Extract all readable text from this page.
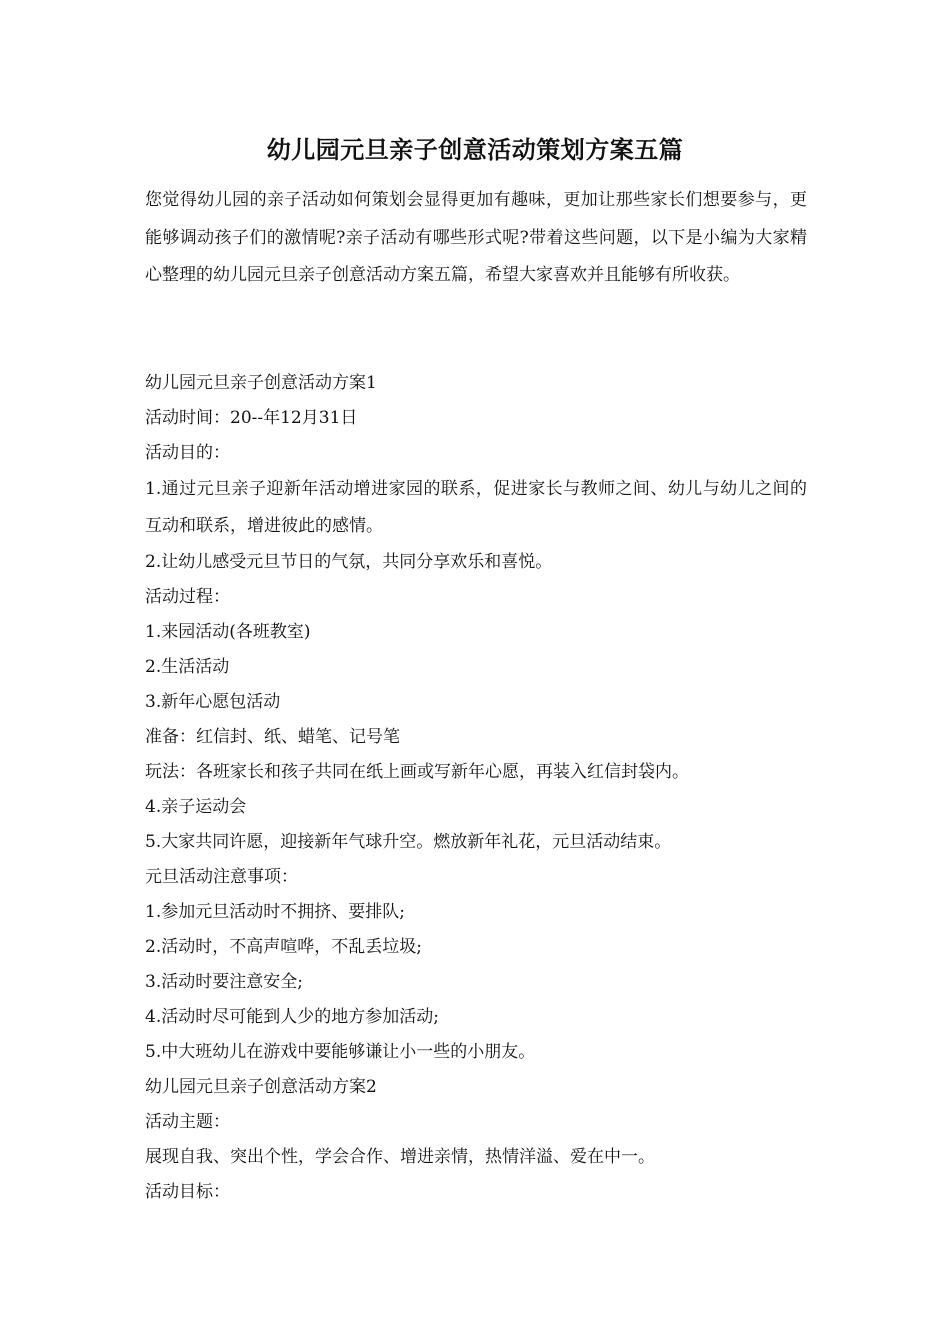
幼儿园元旦亲子创意活动策划方案五篇

您觉得幼儿园的亲子活动如何策划会显得更加有趣味，更加让那些家长们想要参与，更能够调动孩子们的激情呢?亲子活动有哪些形式呢?带着这些问题，以下是小编为大家精心整理的幼儿园元旦亲子创意活动方案五篇，希望大家喜欢并且能够有所收获。

幼儿园元旦亲子创意活动方案1

活动时间：20--年12月31日

活动目的：

1.通过元旦亲子迎新年活动增进家园的联系，促进家长与教师之间、幼儿与幼儿之间的互动和联系，增进彼此的感情。

2.让幼儿感受元旦节日的气氛，共同分享欢乐和喜悦。

活动过程：

1.来园活动(各班教室)

2.生活活动

3.新年心愿包活动

准备：红信封、纸、蜡笔、记号笔

玩法：各班家长和孩子共同在纸上画或写新年心愿，再装入红信封袋内。

4.亲子运动会

5.大家共同许愿，迎接新年气球升空。燃放新年礼花，元旦活动结束。

元旦活动注意事项：

1.参加元旦活动时不拥挤、要排队;

2.活动时，不高声喧哗，不乱丢垃圾;

3.活动时要注意安全;

4.活动时尽可能到人少的地方参加活动;

5.中大班幼儿在游戏中要能够谦让小一些的小朋友。

幼儿园元旦亲子创意活动方案2

活动主题：

展现自我、突出个性，学会合作、增进亲情，热情洋溢、爱在中一。

活动目标：
